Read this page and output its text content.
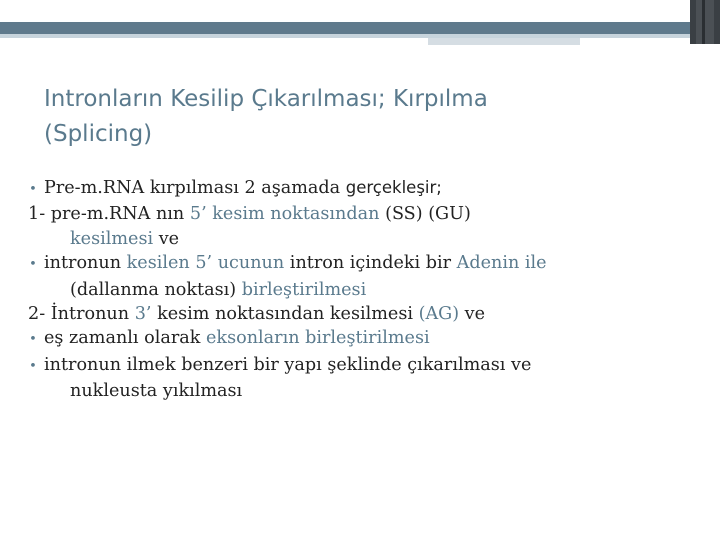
Intronların Kesilip Çıkarılması; Kırpılma
(Splicing)
• Pre-m.RNA kırpılması 2 aşamada gerçekleşir;
1- pre-m.RNA nın 5’ kesim noktasından (SS) (GU)
kesilmesi ve
• intronun kesilen 5’ ucunun intron içindeki bir Adenin ile
(dallanma noktası) birleştirilmesi
2- İntronun 3’ kesim noktasından kesilmesi (AG) ve
• eş zamanlı olarak eksonların birleştirilmesi
• intronun ilmek benzeri bir yapı şeklinde çıkarılması ve
nukleusta yıkılması
